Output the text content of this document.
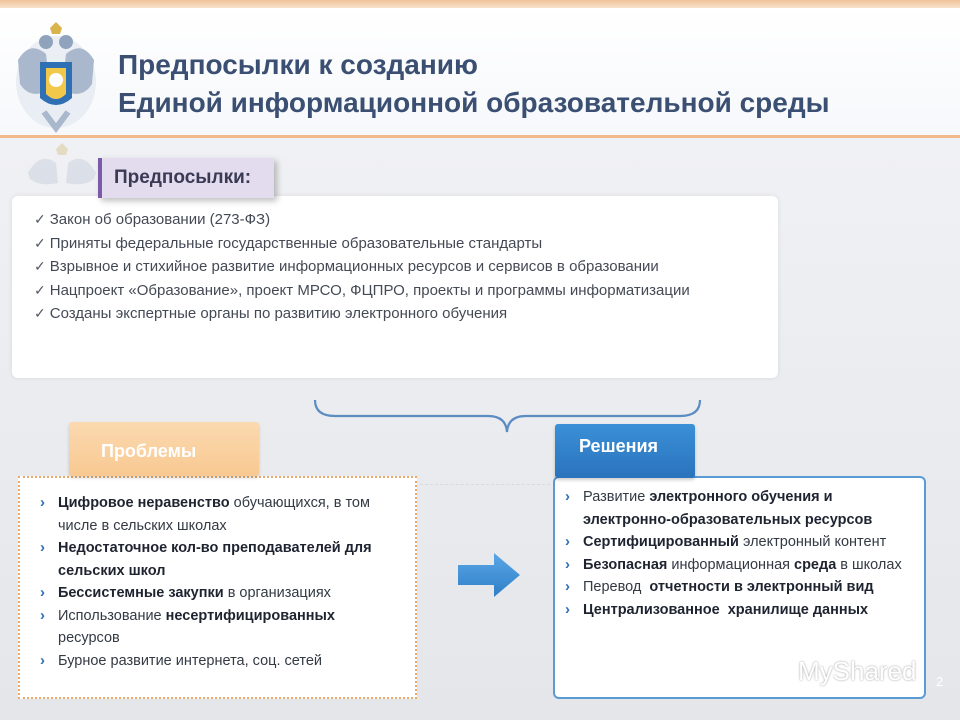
Предпосылки к созданию
Единой информационной образовательной среды
✓ Закон об образовании (273-ФЗ)
✓ Приняты федеральные государственные образовательные стандарты
✓ Взрывное и стихийное развитие информационных ресурсов и сервисов в образовании
✓ Нацпроект «Образование», проект МРСО, ФЦПРО, проекты и программы информатизации
✓ Созданы экспертные органы по развитию электронного обучения
Предпосылки:
› Цифровое неравенство обучающихся, в том числе в сельских школах
› Недостаточное кол-во преподавателей для сельских школ
› Бессистемные закупки в организациях
› Использование несертифицированных ресурсов
› Бурное развитие интернета, соц. сетей
Проблемы
› Развитие электронного обучения и электронно-образовательных ресурсов
› Сертифицированный электронный контент
› Безопасная информационная среда в школах
› Перевод  отчетности в электронный вид
› Централизованное  хранилище данных
Решения
MyShared 2
